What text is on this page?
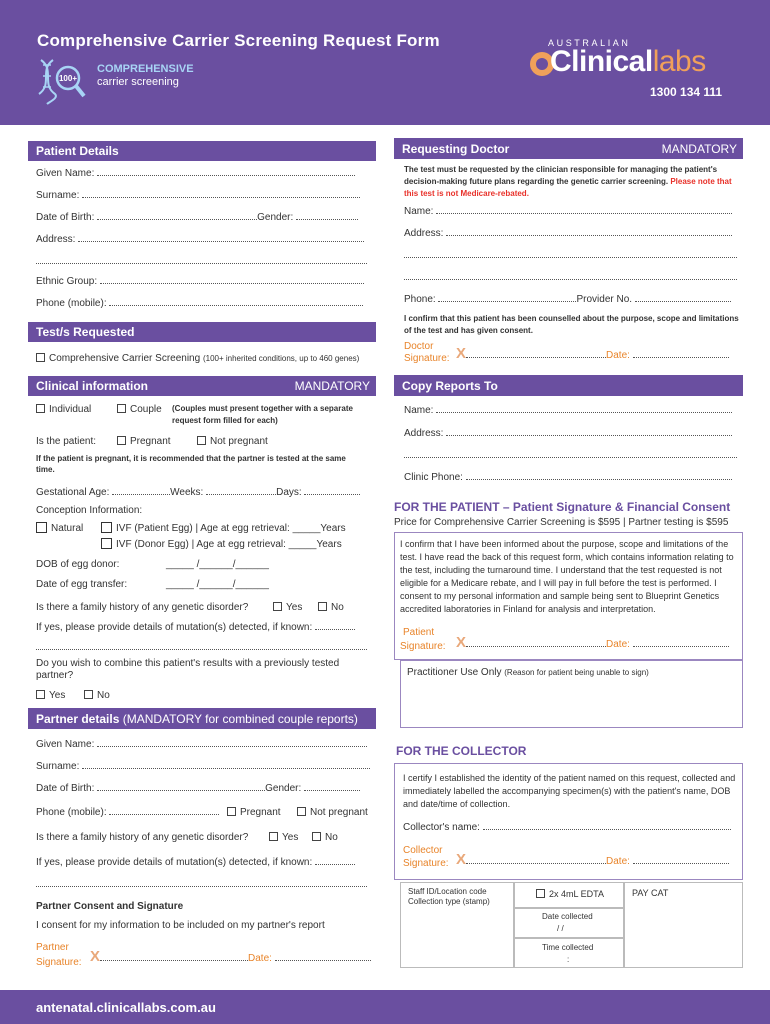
Comprehensive Carrier Screening Request Form
100+
COMPREHENSIVE
carrier screening
AUSTRALIAN
Clinicallabs
1300 134 111
Patient Details
Given Name:
Surname:
Date of Birth:	Gender:
Address:
Ethnic Group:
Phone (mobile):
Test/s Requested
Comprehensive Carrier Screening (100+ inherited conditions, up to 460 genes)
Clinical information	MANDATORY
Individual	Couple (Couples must present together with a separate request form filled for each)
Is the patient:	Pregnant	Not pregnant
If the patient is pregnant, it is recommended that the partner is tested at the same time.
Gestational Age:	Weeks:	Days:
Conception Information:
Natural	IVF (Patient Egg) | Age at egg retrieval: _____Years
IVF (Donor Egg) | Age at egg retrieval: _____Years
DOB of egg donor:	_____ /______/______
Date of egg transfer:	_____ /______/______
Is there a family history of any genetic disorder?	Yes	No
If yes, please provide details of mutation(s) detected, if known:
Do you wish to combine this patient's results with a previously tested partner?
Yes	No
Partner details
(MANDATORY for combined couple reports)
Given Name:
Surname:
Date of Birth:	Gender:
Phone (mobile):	Pregnant	Not pregnant
Is there a family history of any genetic disorder?	Yes	No
If yes, please provide details of mutation(s) detected, if known:
Partner Consent and Signature
I consent for my information to be included on my partner's report
Partner
Signature: X	Date:
Requesting Doctor	MANDATORY
The test must be requested by the clinician responsible for managing the patient's decision-making future plans regarding the genetic carrier screening. Please note that this test is not Medicare-rebated.
Name:
Address:
Phone:	Provider No.
I confirm that this patient has been counselled about the purpose, scope and limitations of the test and has given consent.
Doctor
Signature: X	Date:
Copy Reports To
Name:
Address:
Clinic Phone:
FOR THE PATIENT – Patient Signature & Financial Consent
Price for Comprehensive Carrier Screening is $595 | Partner testing is $595
I confirm that I have been informed about the purpose, scope and limitations of the test. I have read the back of this request form, which contains information relating to the test, including the turnaround time. I understand that the test requested is not eligible for a Medicare rebate, and I will pay in full before the test is performed. I consent to my personal information and sample being sent to Blueprint Genetics accredited laboratories in Finland for analysis and interpretation.
Patient
Signature: X	Date:
Practitioner Use Only (Reason for patient being unable to sign)
FOR THE COLLECTOR
I certify I established the identity of the patient named on this request, collected and immediately labelled the accompanying specimen(s) with the patient's name, DOB and date/time of collection.
Collector's name:
Collector
Signature: X	Date:
Staff ID/Location code
Collection type (stamp)
2x 4mL EDTA	PAY CAT
Date collected
/ /
Time collected
:
antenatal.clinicallabs.com.au
